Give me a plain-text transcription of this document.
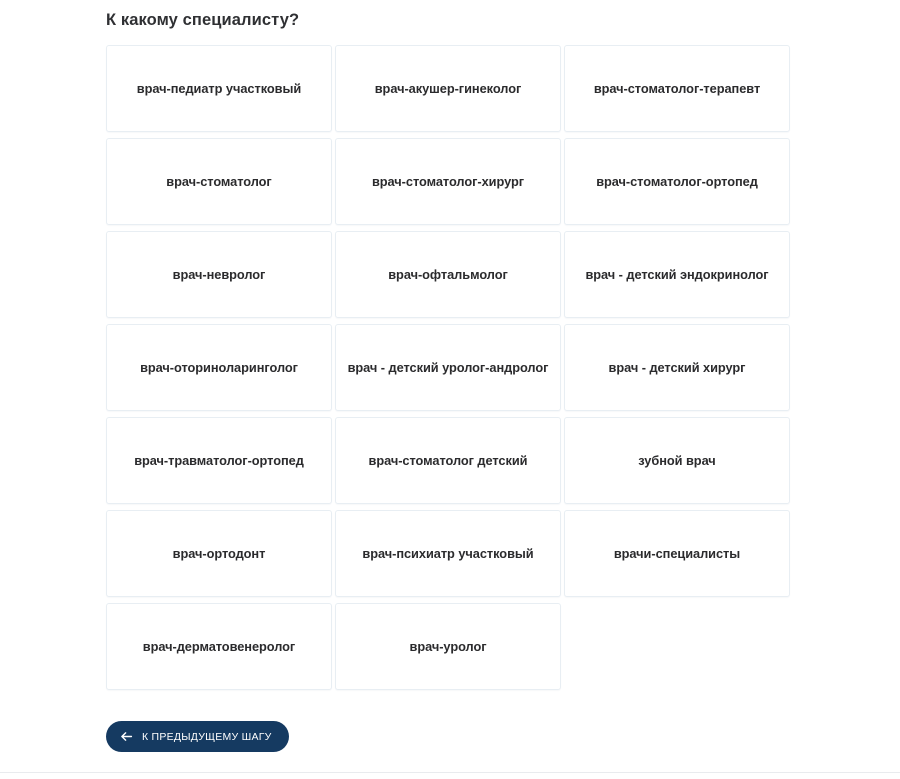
К какому специалисту?
врач-педиатр участковый	врач-акушер-гинеколог	врач-стоматолог-терапевт
врач-стоматолог	врач-стоматолог-хирург	врач-стоматолог-ортопед
врач-невролог	врач-офтальмолог	врач - детский эндокринолог
врач-оториноларинголог	врач - детский уролог-андролог	врач - детский хирург
врач-травматолог-ортопед	врач-стоматолог детский	зубной врач
врач-ортодонт	врач-психиатр участковый	врачи-специалисты
врач-дерматовенеролог	врач-уролог
К ПРЕДЫДУЩЕМУ ШАГУ
